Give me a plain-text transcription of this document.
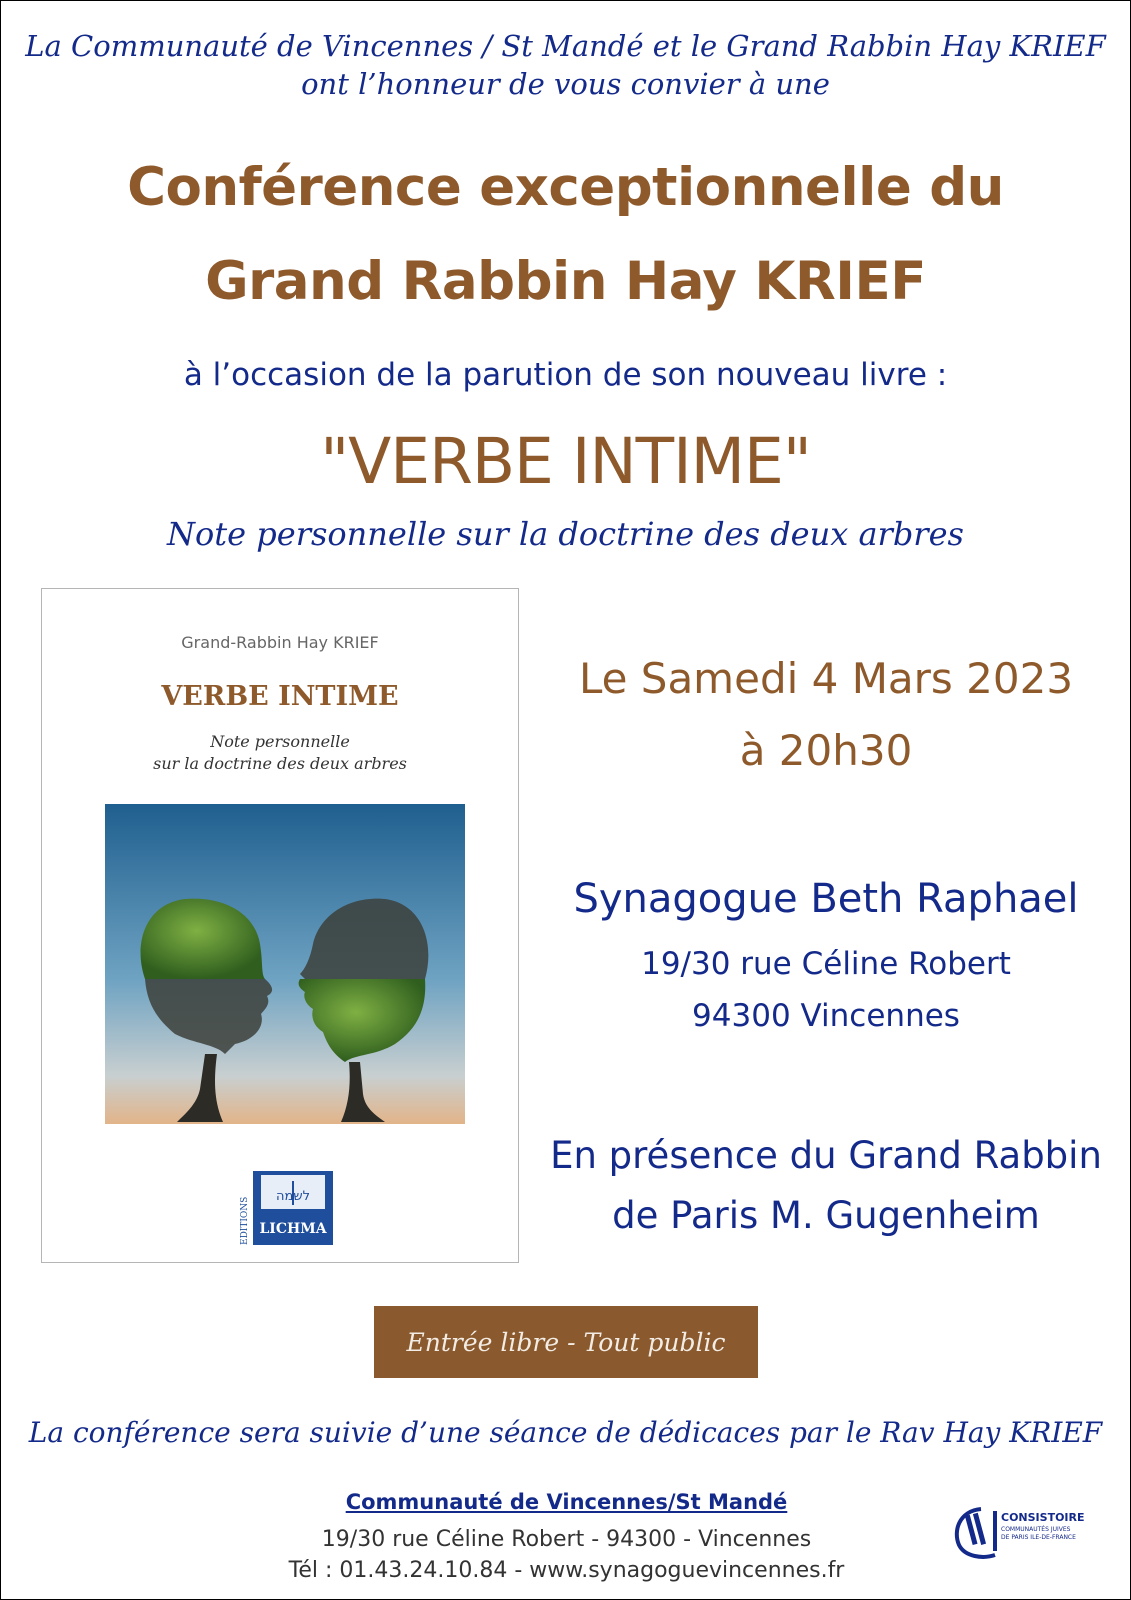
La Communauté de Vincennes / St Mandé et le Grand Rabbin Hay KRIEF
ont l’honneur de vous convier à une
Conférence exceptionnelle du
Grand Rabbin Hay KRIEF
à l’occasion de la parution de son nouveau livre :
"VERBE INTIME"
Note personnelle sur la doctrine des deux arbres
Grand-Rabbin Hay KRIEF
VERBE INTIME
Note personnelle
sur la doctrine des deux arbres
לשמה
LICHMA
EDITIONS
Le Samedi 4 Mars 2023
à 20h30
Synagogue Beth Raphael
19/30 rue Céline Robert
94300 Vincennes
En présence du Grand Rabbin
de Paris M. Gugenheim
Entrée libre - Tout public
La conférence sera suivie d’une séance de dédicaces par le Rav Hay KRIEF
Communauté de Vincennes/St Mandé
19/30 rue Céline Robert - 94300 - Vincennes
Tél : 01.43.24.10.84 - www.synagoguevincennes.fr
CONSISTOIRE
COMMUNAUTÉS JUIVES
DE PARIS ILE-DE-FRANCE
